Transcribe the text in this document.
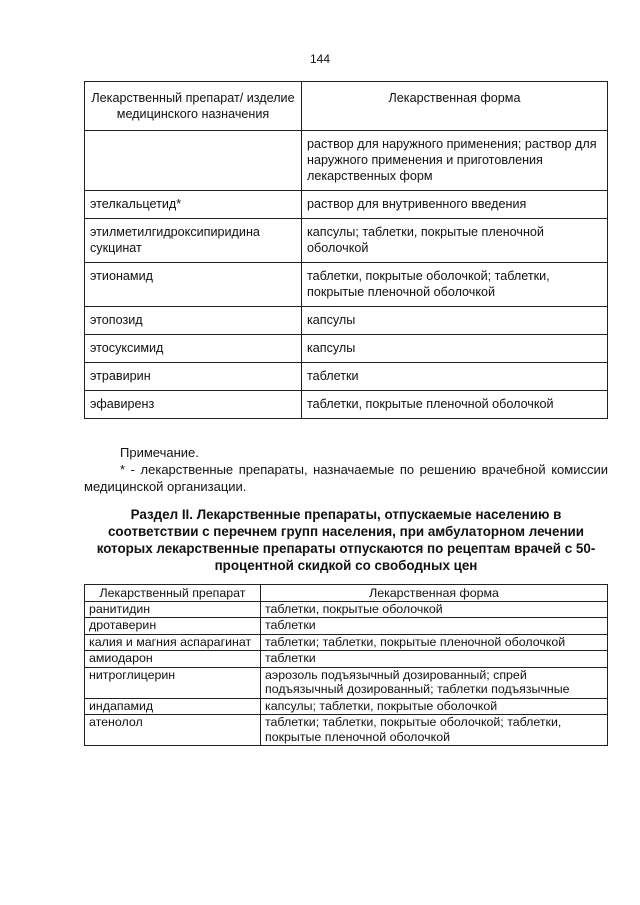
144
Лекарственный препарат/ изделие медицинского назначения	Лекарственная форма
	раствор для наружного применения; раствор для наружного применения и приготовления лекарственных форм
этелкальцетид*	раствор для внутривенного введения
этилметилгидроксипиридина сукцинат	капсулы; таблетки, покрытые пленочной оболочкой
этионамид	таблетки, покрытые оболочкой; таблетки, покрытые пленочной оболочкой
этопозид	капсулы
этосуксимид	капсулы
этравирин	таблетки
эфавиренз	таблетки, покрытые пленочной оболочкой
Примечание.
* - лекарственные препараты, назначаемые по решению врачебной комиссии медицинской организации.
Раздел II. Лекарственные препараты, отпускаемые населению в соответствии с перечнем групп населения, при амбулаторном лечении которых лекарственные препараты отпускаются по рецептам врачей с 50-процентной скидкой со свободных цен
Лекарственный препарат	Лекарственная форма
ранитидин	таблетки, покрытые оболочкой
дротаверин	таблетки
калия и магния аспарагинат	таблетки; таблетки, покрытые пленочной оболочкой
амиодарон	таблетки
нитроглицерин	аэрозоль подъязычный дозированный; спрей подъязычный дозированный; таблетки подъязычные
индапамид	капсулы; таблетки, покрытые оболочкой
атенолол	таблетки; таблетки, покрытые оболочкой; таблетки, покрытые пленочной оболочкой
